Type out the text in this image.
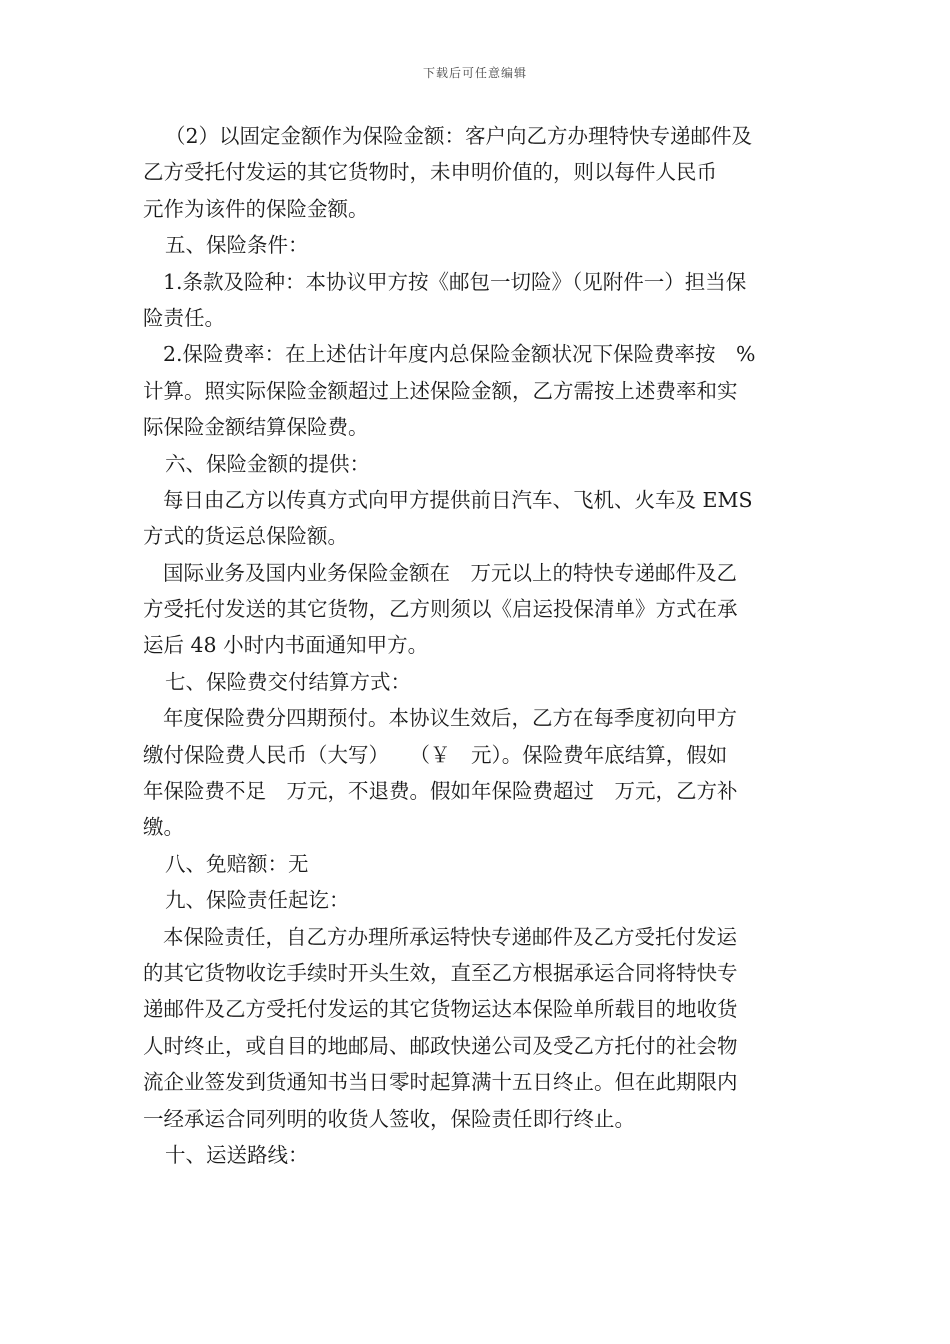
下载后可任意编辑
（2）以固定金额作为保险金额：客户向乙方办理特快专递邮件及
乙方受托付发运的其它货物时，未申明价值的，则以每件人民币
元作为该件的保险金额。
五、保险条件：
1.条款及险种：本协议甲方按《邮包一切险》（见附件一）担当保
险责任。
2.保险费率：在上述估计年度内总保险金额状况下保险费率按　%
计算。照实际保险金额超过上述保险金额，乙方需按上述费率和实
际保险金额结算保险费。
六、保险金额的提供：
每日由乙方以传真方式向甲方提供前日汽车、飞机、火车及 EMS
方式的货运总保险额。
国际业务及国内业务保险金额在　万元以上的特快专递邮件及乙
方受托付发送的其它货物，乙方则须以《启运投保清单》方式在承
运后 48 小时内书面通知甲方。
七、保险费交付结算方式：
年度保险费分四期预付。本协议生效后，乙方在每季度初向甲方
缴付保险费人民币（大写）　　（￥　元）。保险费年底结算，假如
年保险费不足　万元，不退费。假如年保险费超过　万元，乙方补
缴。
八、免赔额：无
九、保险责任起讫：
本保险责任，自乙方办理所承运特快专递邮件及乙方受托付发运
的其它货物收讫手续时开头生效，直至乙方根据承运合同将特快专
递邮件及乙方受托付发运的其它货物运达本保险单所载目的地收货
人时终止，或自目的地邮局、邮政快递公司及受乙方托付的社会物
流企业签发到货通知书当日零时起算满十五日终止。但在此期限内
一经承运合同列明的收货人签收，保险责任即行终止。
十、运送路线：
